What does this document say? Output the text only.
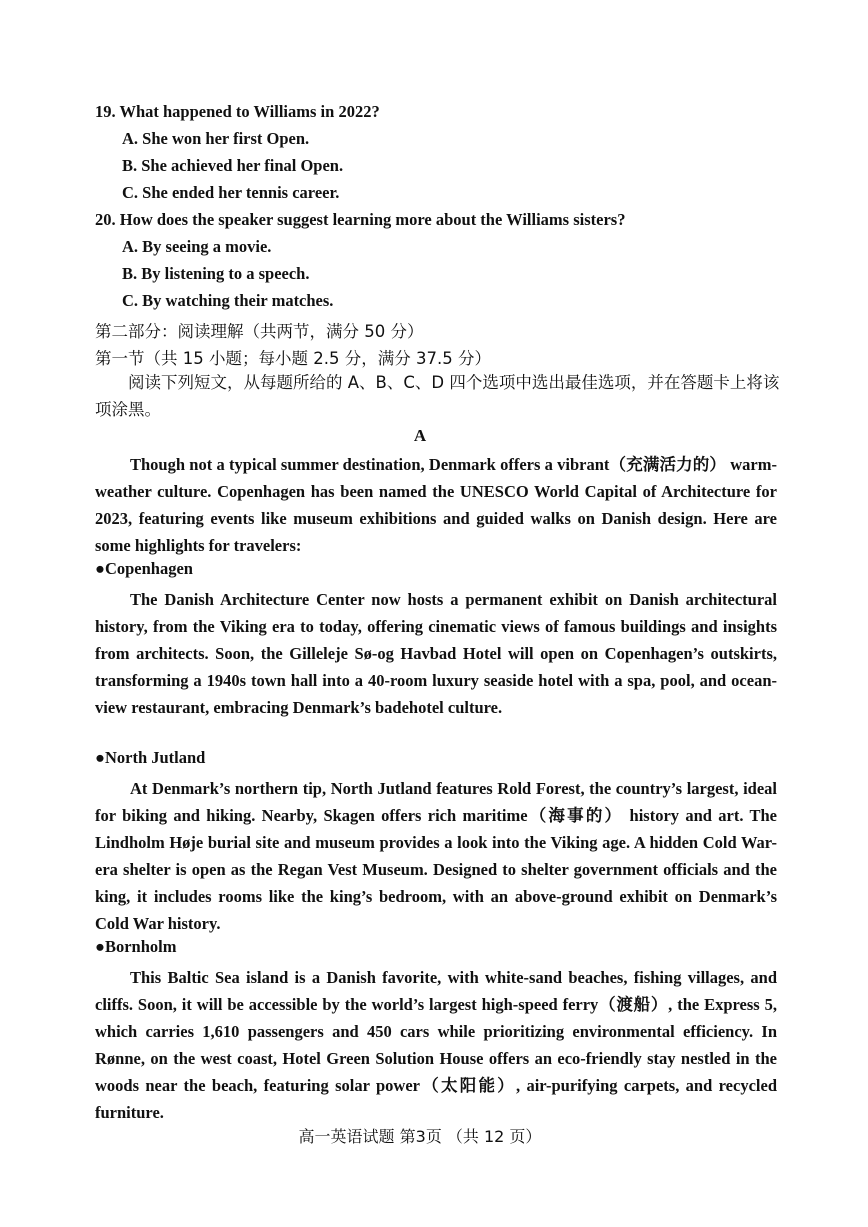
19. What happened to Williams in 2022?
A. She won her first Open.
B. She achieved her final Open.
C. She ended her tennis career.
20. How does the speaker suggest learning more about the Williams sisters?
A. By seeing a movie.
B. By listening to a speech.
C. By watching their matches.
第二部分：阅读理解（共两节，满分 50 分）
第一节（共 15 小题；每小题 2.5 分，满分 37.5 分）
阅读下列短文，从每题所给的 A、B、C、D 四个选项中选出最佳选项，并在答题卡上将该项涂黑。
A
Though not a typical summer destination, Denmark offers a vibrant（充满活力的） warm-weather culture. Copenhagen has been named the UNESCO World Capital of Architecture for 2023, featuring events like museum exhibitions and guided walks on Danish design. Here are some highlights for travelers:
●Copenhagen
The Danish Architecture Center now hosts a permanent exhibit on Danish architectural history, from the Viking era to today, offering cinematic views of famous buildings and insights from architects. Soon, the Gilleleje Sø-og Havbad Hotel will open on Copenhagen’s outskirts, transforming a 1940s town hall into a 40-room luxury seaside hotel with a spa, pool, and ocean-view restaurant, embracing Denmark’s badehotel culture.
●North Jutland
At Denmark’s northern tip, North Jutland features Rold Forest, the country’s largest, ideal for biking and hiking. Nearby, Skagen offers rich maritime（海事的） history and art. The Lindholm Høje burial site and museum provides a look into the Viking age. A hidden Cold War-era shelter is open as the Regan Vest Museum. Designed to shelter government officials and the king, it includes rooms like the king’s bedroom, with an above-ground exhibit on Denmark’s Cold War history.
●Bornholm
This Baltic Sea island is a Danish favorite, with white-sand beaches, fishing villages, and cliffs. Soon, it will be accessible by the world’s largest high-speed ferry（渡船）, the Express 5, which carries 1,610 passengers and 450 cars while prioritizing environmental efficiency. In Rønne, on the west coast, Hotel Green Solution House offers an eco-friendly stay nestled in the woods near the beach, featuring solar power（太阳能）, air-purifying carpets, and recycled furniture.
高一英语试题 第3页 （共 12 页）
